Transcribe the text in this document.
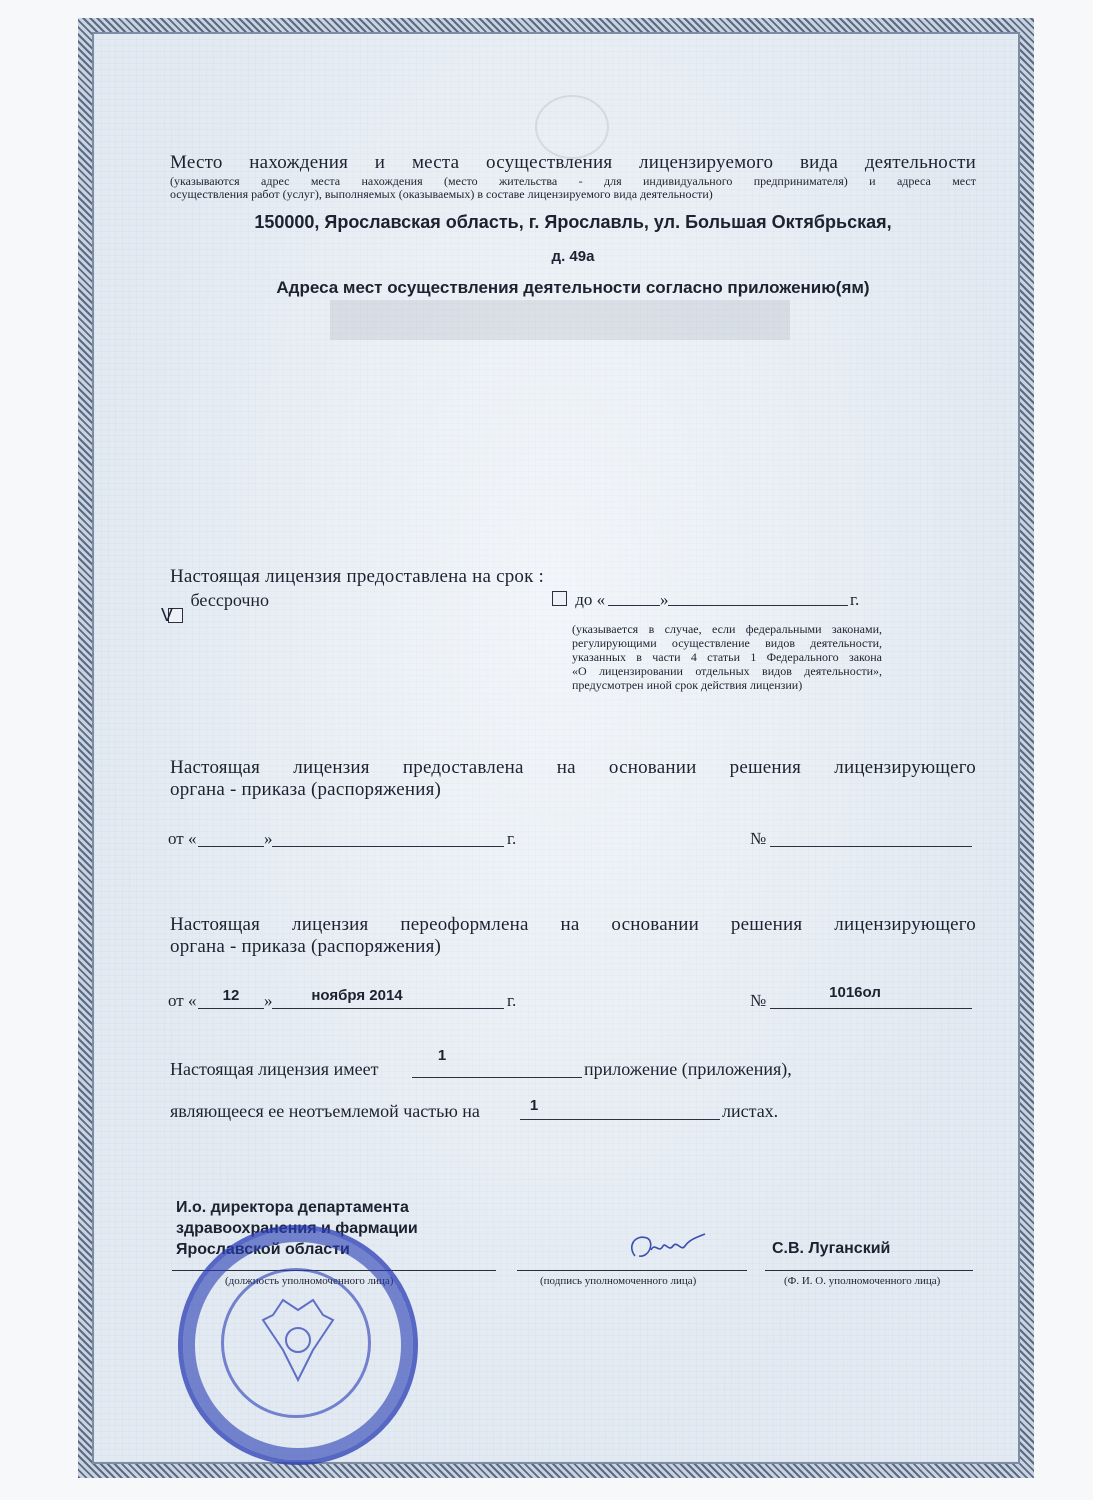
Место нахождения и места осуществления лицензируемого вида деятельности
(указываются адрес места нахождения (место жительства - для индивидуального предпринимателя) и адреса мест
осуществления работ (услуг), выполняемых (оказываемых) в составе лицензируемого вида деятельности)
150000, Ярославская область, г. Ярославль, ул. Большая Октябрьская,
д. 49а
Адреса мест осуществления деятельности согласно приложению(ям)
Настоящая лицензия предоставлена на срок :
V
бессрочно	до «	»	г.
(указывается в случае, если федеральными законами,
регулирующими осуществление видов деятельности,
указанных в части 4 статьи 1 Федерального закона
«О лицензировании отдельных видов деятельности»,
предусмотрен иной срок действия лицензии)
Настоящая лицензия предоставлена на основании решения лицензирующего
органа - приказа (распоряжения)
от «	»	г.	№
Настоящая лицензия переоформлена на основании решения лицензирующего
органа - приказа (распоряжения)
от «	12	»	ноября 2014	г.	№	1016ол
Настоящая лицензия имеет
1
приложение (приложения),
являющееся ее неотъемлемой частью на	1	листах.
И.о. директора департамента
здравоохранения и фармации
Ярославской области	С.В. Луганский
(должность уполномоченного лица)	(подпись уполномоченного лица)	(Ф. И. О. уполномоченного лица)
